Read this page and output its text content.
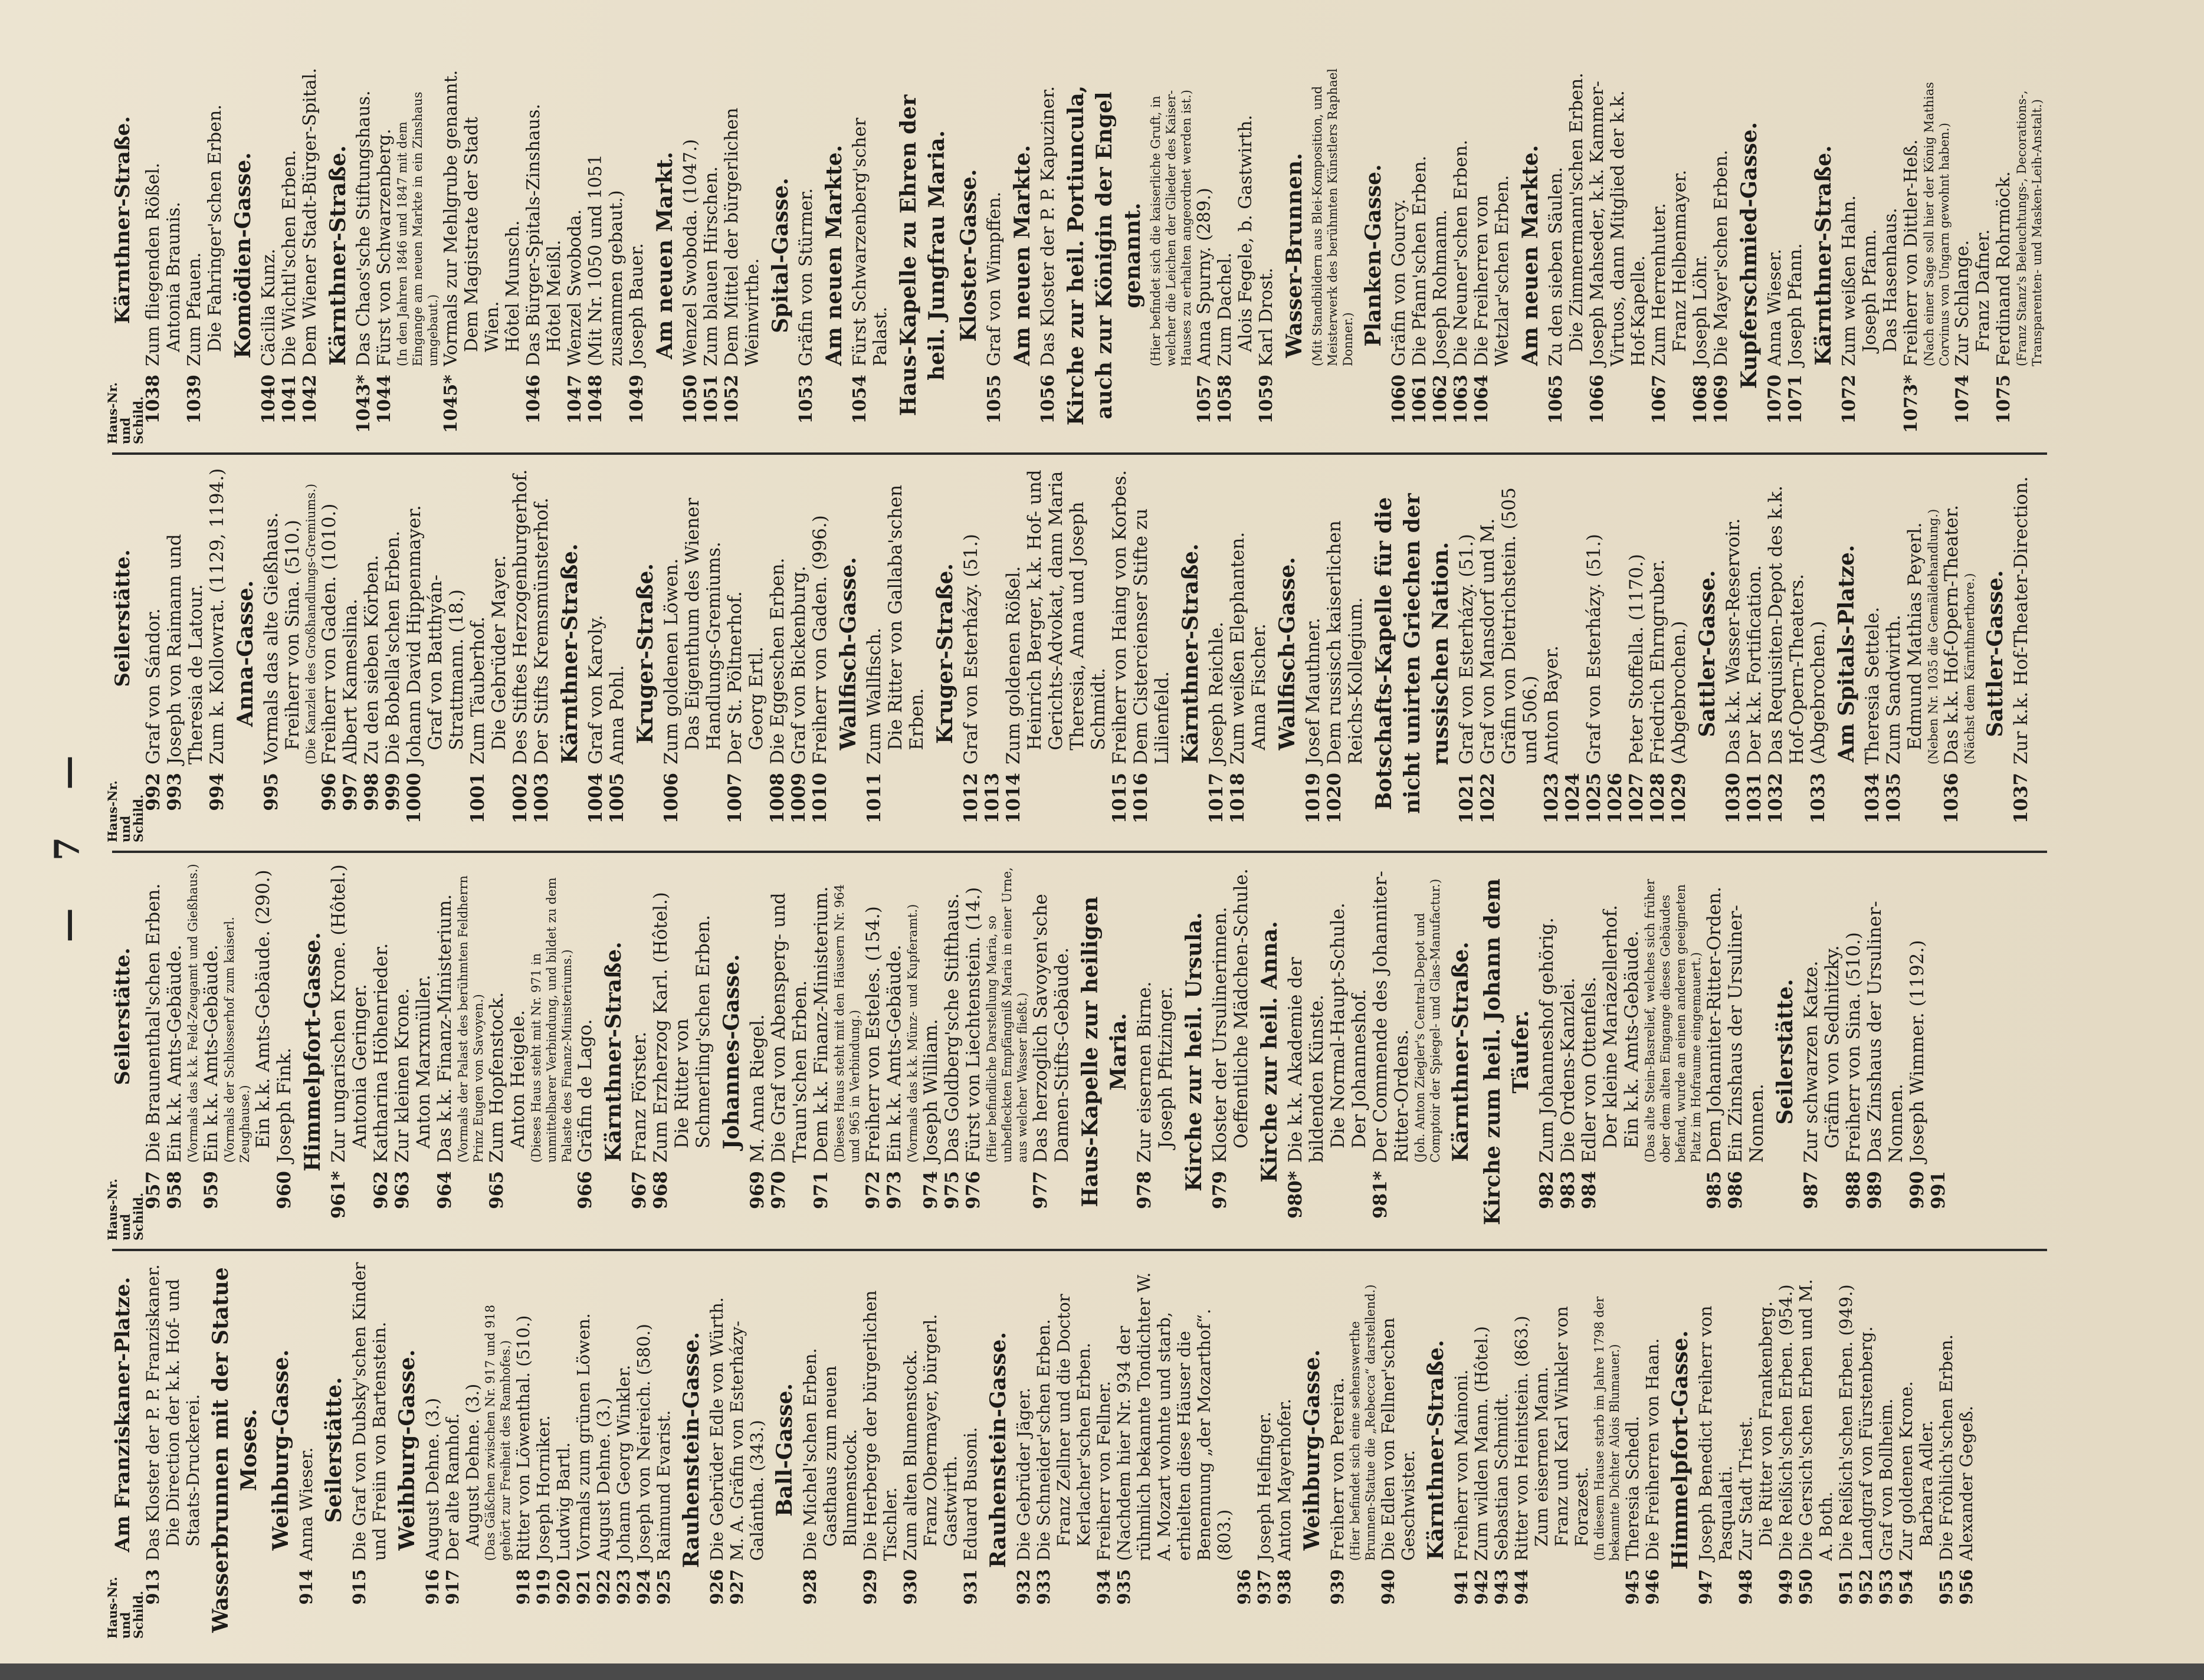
— 7 —
Haus-Nr. und Schild.
Am Franziskaner-Platze.
913
Das Kloster der P. P. Franziskaner. Die Direction der k.k. Hof- und Staats-Druckerei. Wasserbrunnen mit der Statue Moses. Weihburg-Gasse.
914
Anna Wieser. Seilerstätte.
915
Die Graf von Dubsky'schen Kinder und Freiin von Bartenstein. Weihburg-Gasse.
916
August Dehne. (3.)
917
Der alte Ramhof. August Dehne. (3.) (Das Gäßchen zwischen Nr. 917 und 918 gehört zur Freiheit des Ramhofes.)
918
Ritter von Löwenthal. (510.)
919
Joseph Horniker.
920
Ludwig Bartl.
921
Vormals zum grünen Löwen.
922
August Dehne. (3.)
923
Johann Georg Winkler.
924
Joseph von Neireich. (580.)
925
Raimund Evarist. Rauhenstein-Gasse.
926
Die Gebrüder Edle von Würth.
927
M. A. Gräfin von Esterházy-Galántha. (343.) Ball-Gasse.
928
Die Michel'schen Erben. Gasthaus zum neuen Blumenstock.
929
Die Herberge der bürgerlichen Tischler.
930
Zum alten Blumenstock. Franz Obermayer, bürgerl. Gastwirth.
931
Eduard Busoni. Rauhenstein-Gasse.
932
Die Gebrüder Jäger.
933
Die Schneider'schen Erben. Franz Zellner und die Doctor Kerlacher'schen Erben.
934
Freiherr von Fellner.
935
(Nachdem hier Nr. 934 der rühmlich bekannte Tondichter W. A. Mozart wohnte und starb, erhielten diese Häuser die Benennung „der Mozarthof“. (803.)
936 937
Joseph Helfinger.
938
Anton Mayerhofer. Weihburg-Gasse.
939
Freiherr von Pereira. (Hier befindet sich eine sehenswerthe Brunnen-Statue die „Rebecca“ darstellend.)
940
Die Edlen von Fellner'schen Geschwister. Kärnthner-Straße.
941
Freiherr von Mainoni.
942
Zum wilden Mann. (Hôtel.)
943
Sebastian Schmidt.
944
Ritter von Heintstein. (863.) Zum eisernen Mann. Franz und Karl Winkler von Forazest. (In diesem Hause starb im Jahre 1798 der bekannte Dichter Alois Blumauer.)
945
Theresia Schedl.
946
Die Freiherren von Haan. Himmelpfort-Gasse.
947
Joseph Benedict Freiherr von Pasqualati.
948
Zur Stadt Triest. Die Ritter von Frankenberg.
949
Die Reißich'schen Erben. (954.)
950
Die Gersich'schen Erben und M. A. Both.
951
Die Reißich'schen Erben. (949.)
952
Landgraf von Fürstenberg.
953
Graf von Bollheim.
954
Zur goldenen Krone. Barbara Adler.
955
Die Fröhlich'schen Erben.
956
Alexander Gegeß.
Haus-Nr. und Schild.
Seilerstätte.
957
Die Braunenthal'schen Erben.
958
Ein k.k. Amts-Gebäude. (Vormals das k.k. Feld-Zeugamt und Gießhaus.)
959
Ein k.k. Amts-Gebäude. (Vormals der Schlosserhof zum kaiserl. Zeughause.) Ein k.k. Amts-Gebäude. (290.)
960
Joseph Fink. Himmelpfort-Gasse.
961*
Zur ungarischen Krone. (Hôtel.) Antonia Geringer.
962
Katharina Höhenrieder.
963
Zur kleinen Krone. Anton Marxmüller.
964
Das k.k. Finanz-Ministerium. (Vormals der Palast des berühmten Feldherrn Prinz Eugen von Savoyen.)
965
Zum Hopfenstock. Anton Heigele. (Dieses Haus steht mit Nr. 971 in unmittelbarer Verbindung, und bildet zu dem Palaste des Finanz-Ministeriums.)
966
Gräfin de Lago. Kärnthner-Straße.
967
Franz Förster.
968
Zum Erzherzog Karl. (Hôtel.) Die Ritter von Schmerling'schen Erben. Johannes-Gasse.
969
M. Anna Riegel.
970
Die Graf von Abensperg- und Traun'schen Erben.
971
Dem k.k. Finanz-Ministerium. (Dieses Haus steht mit den Häusern Nr. 964 und 965 in Verbindung.)
972
Freiherr von Esteles. (154.)
973
Ein k.k. Amts-Gebäude. (Vormals das k.k. Münz- und Kupferamt.)
974
Joseph William.
975
Das Goldberg'sche Stifthaus.
976
Fürst von Liechtenstein. (14.) (Hier befindliche Darstellung Maria, so unbefleckten Empfängniß Maria in einer Urne, aus welcher Wasser fließt.)
977
Das herzoglich Savoyen'sche Damen-Stifts-Gebäude. Haus-Kapelle zur heiligen Maria.
978
Zur eisernen Birne. Joseph Pfitzinger. Kirche zur heil. Ursula. 979
Kloster der Ursulinerinnen. Oeffentliche Mädchen-Schule. Kirche zur heil. Anna.
980*
Die k.k. Akademie der bildenden Künste. Die Normal-Haupt-Schule. Der Johanneshof.
981*
Der Commende des Johanniter-Ritter-Ordens. (Joh. Anton Ziegler's Central-Depot und Comptoir der Spiegel- und Glas-Manufactur.) Kärnthner-Straße. Kirche zum heil. Johann dem Täufer.
982
Zum Johanneshof gehörig.
983
Die Ordens-Kanzlei.
984
Edler von Ottenfels. Der kleine Mariazellerhof. Ein k.k. Amts-Gebäude. (Das alte Stein-Basrelief, welches sich früher ober dem alten Eingange dieses Gebäudes befand, wurde an einen anderen geeigneten Platz im Hofraume eingemauert.)
985
Dem Johanniter-Ritter-Orden.
986
Ein Zinshaus der Ursuliner-Nonnen. Seilerstätte.
987
Zur schwarzen Katze. Gräfin von Sedlnitzky.
988
Freiherr von Sina. (510.)
989
Das Zinshaus der Ursuliner-Nonnen.
990
Joseph Wimmer. (1192.)
991
Haus-Nr. und Schild.
Seilerstätte.
992
Graf von Sándor.
993
Joseph von Raimann und Theresia de Latour.
994
Zum k. Kollowrat. (1129, 1194.) Anna-Gasse.
995
Vormals das alte Gießhaus. Freiherr von Sina. (510.) (Die Kanzlei des Großhandlungs-Gremiums.)
996
Freiherr von Gaden. (1010.)
997
Albert Kameslina.
998
Zu den sieben Körben.
999
Die Bobella'schen Erben.
1000
Johann David Hippenmayer. Graf von Batthyán-Strattmann. (18.)
1001
Zum Täuberhof. Die Gebrüder Mayer.
1002
Des Stiftes Herzogenburgerhof.
1003
Der Stifts Kremsmünsterhof. Kärnthner-Straße.
1004
Graf von Karoly.
1005
Anna Pohl. Kruger-Straße.
1006
Zum goldenen Löwen. Das Eigenthum des Wiener Handlungs-Gremiums.
1007
Der St. Pöltnerhof. Georg Ertl.
1008
Die Eggeschen Erben.
1009
Graf von Bickenburg.
1010
Freiherr von Gaden. (996.) Wallfisch-Gasse.
1011
Zum Wallfisch. Die Ritter von Gallaba'schen Erben. Kruger-Straße.
1012
Graf von Esterházy. (51.)
1013 1014
Zum goldenen Rößel. Heinrich Berger, k.k. Hof- und Gerichts-Advokat, dann Maria Theresia, Anna und Joseph Schmidt.
1015
Freiherr von Haing von Korbes.
1016
Dem Cistercienser Stifte zu Lilienfeld. Kärnthner-Straße.
1017
Joseph Reichle.
1018
Zum weißen Elephanten. Anna Fischer. Wallfisch-Gasse.
1019
Josef Mauthner.
1020
Dem russisch kaiserlichen Reichs-Kollegium. Botschafts-Kapelle für die nicht unirten Griechen der russischen Nation.
1021
Graf von Esterházy. (51.)
1022
Graf von Mansdorf und M. Gräfin von Dietrichstein. (505 und 506.)
1023
Anton Bayer.
1024 1025
Graf von Esterházy. (51.)
1026 1027
Peter Stoffella. (1170.)
1028
Friedrich Ehrngruber.
1029
(Abgebrochen.) Sattler-Gasse.
1030
Das k.k. Wasser-Reservoir.
1031
Der k.k. Fortification.
1032
Das Requisiten-Depot des k.k. Hof-Opern-Theaters.
1033
(Abgebrochen.) Am Spitals-Platze.
1034
Theresia Settele.
1035
Zum Sandwirth. Edmund Mathias Peyerl. (Neben Nr. 1035 die Gemäldehandlung.)
1036
Das k.k. Hof-Opern-Theater. (Nächst dem Kärnthnerthore.) Sattler-Gasse.
1037
Zur k.k. Hof-Theater-Direction.
Haus-Nr. und Schild.
Kärnthner-Straße.
1038
Zum fliegenden Rößel. Antonia Braunis.
1039
Zum Pfauen. Die Fahringer'schen Erben. Komödien-Gasse.
1040
Cäcilia Kunz.
1041
Die Wichtl'schen Erben.
1042
Dem Wiener Stadt-Bürger-Spital. Kärnthner-Straße.
1043*
Das Chaos'sche Stiftungshaus.
1044
Fürst von Schwarzenberg. (In den Jahren 1846 und 1847 mit dem Eingange am neuen Markte in ein Zinshaus umgebaut.)
1045*
Vormals zur Mehlgrube genannt. Dem Magistrate der Stadt Wien. Hôtel Munsch.
1046
Das Bürger-Spitals-Zinshaus. Hôtel Meißl.
1047
Wenzel Swoboda.
1048
(Mit Nr. 1050 und 1051 zusammen gebaut.)
1049
Joseph Bauer. Am neuen Markt.
1050
Wenzel Swoboda. (1047.)
1051
Zum blauen Hirschen.
1052
Dem Mittel der bürgerlichen Weinwirthe. Spital-Gasse.
1053
Gräfin von Stürmer. Am neuen Markte.
1054
Fürst Schwarzenberg'scher Palast. Haus-Kapelle zu Ehren der heil. Jungfrau Maria. Kloster-Gasse.
1055
Graf von Wimpffen. Am neuen Markte.
1056
Das Kloster der P. P. Kapuziner. Kirche zur heil. Portiuncula, auch zur Königin der Engel genannt. (Hier befindet sich die kaiserliche Gruft, in welcher die Leichen der Glieder des Kaiser-Hauses zu erhalten angeordnet werden ist.)
1057
Anna Spurny. (289.)
1058
Zum Dachel. Alois Fegele, b. Gastwirth.
1059
Karl Drost. Wasser-Brunnen. (Mit Standbildern aus Blei-Komposition, und Meisterwerk des berühmten Künstlers Raphael Donner.) Planken-Gasse.
1060
Gräfin von Gourcy.
1061
Die Pfann'schen Erben.
1062
Joseph Rohmann.
1063
Die Neuner'schen Erben.
1064
Die Freiherren von Wetzlar'schen Erben. Am neuen Markte.
1065
Zu den sieben Säulen. Die Zimmermann'schen Erben.
1066
Joseph Mahseder, k.k. Kammer-Virtuos, dann Mitglied der k.k. Hof-Kapelle.
1067
Zum Herrenhuter. Franz Helbenmayer.
1068
Joseph Löhr.
1069
Die Mayer'schen Erben. Kupferschmied-Gasse.
1070
Anna Wieser.
1071
Joseph Pfann. Kärnthner-Straße.
1072
Zum weißen Hahn. Joseph Pfann. Das Hasenhaus.
1073*
Freiherr von Dittler-Heß. (Nach einer Sage soll hier der König Mathias Corvinus von Ungarn gewohnt haben.)
1074
Zur Schlange. Franz Dafner.
1075
Ferdinand Rohrmöck. (Franz Stanz's Beleuchtungs-, Decorations-, Transparenten- und Masken-Leih-Anstalt.)
